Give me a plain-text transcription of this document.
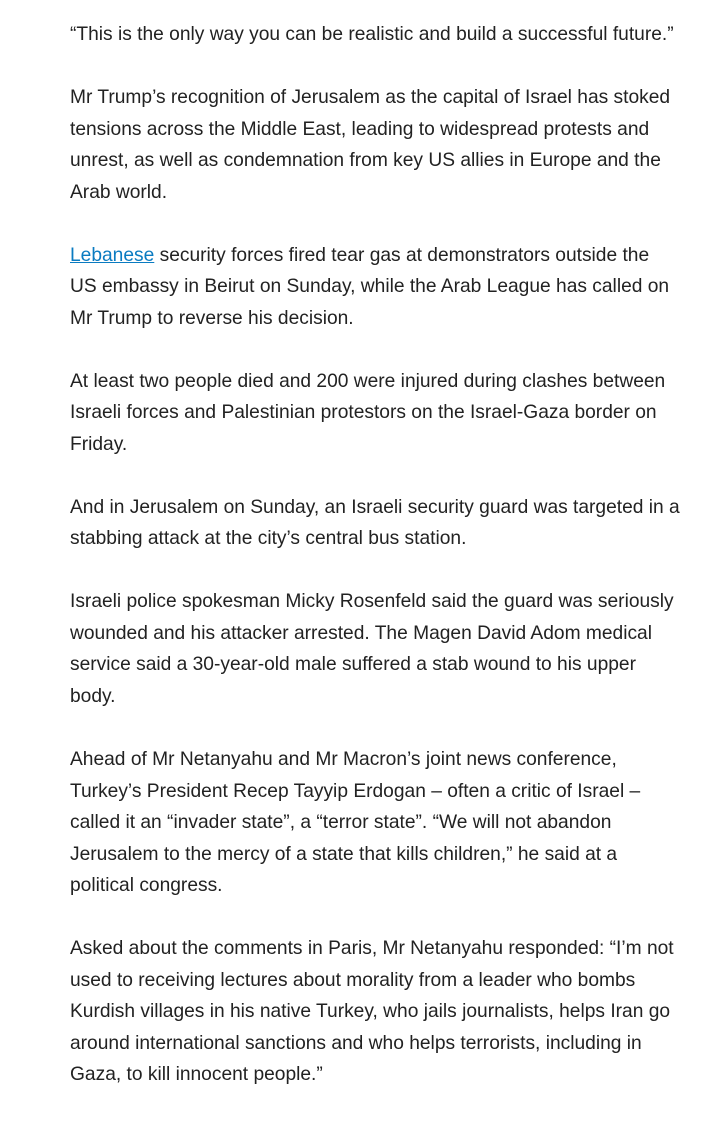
“This is the only way you can be realistic and build a successful future.”

Mr Trump’s recognition of Jerusalem as the capital of Israel has stoked tensions across the Middle East, leading to widespread protests and unrest, as well as condemnation from key US allies in Europe and the Arab world.

Lebanese security forces fired tear gas at demonstrators outside the US embassy in Beirut on Sunday, while the Arab League has called on Mr Trump to reverse his decision.

At least two people died and 200 were injured during clashes between Israeli forces and Palestinian protestors on the Israel-Gaza border on Friday.

And in Jerusalem on Sunday, an Israeli security guard was targeted in a stabbing attack at the city’s central bus station.

Israeli police spokesman Micky Rosenfeld said the guard was seriously wounded and his attacker arrested. The Magen David Adom medical service said a 30-year-old male suffered a stab wound to his upper body.

Ahead of Mr Netanyahu and Mr Macron’s joint news conference, Turkey’s President Recep Tayyip Erdogan – often a critic of Israel – called it an “invader state”, a “terror state”. “We will not abandon Jerusalem to the mercy of a state that kills children,” he said at a political congress.

Asked about the comments in Paris, Mr Netanyahu responded: “I’m not used to receiving lectures about morality from a leader who bombs Kurdish villages in his native Turkey, who jails journalists, helps Iran go around international sanctions and who helps terrorists, including in Gaza, to kill innocent people.”
